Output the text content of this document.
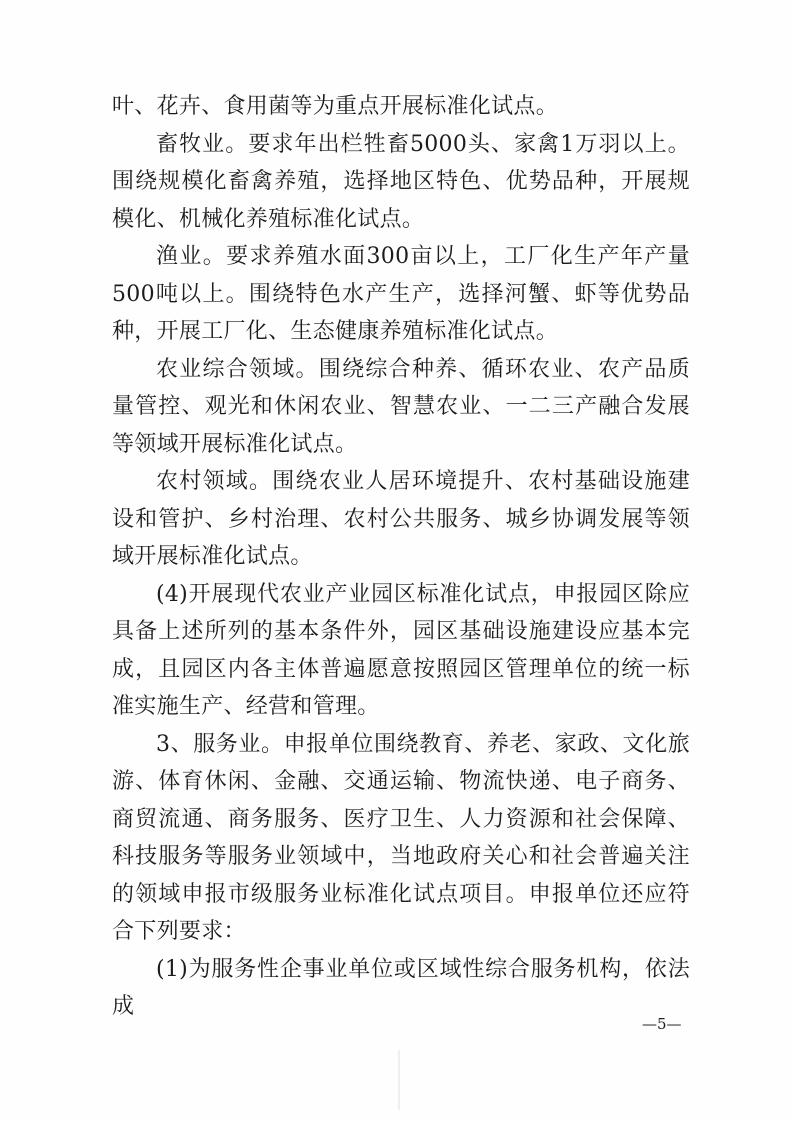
叶、花卉、食用菌等为重点开展标准化试点。

畜牧业。要求年出栏牲畜5000头、家禽1万羽以上。围绕规模化畜禽养殖，选择地区特色、优势品种，开展规模化、机械化养殖标准化试点。

渔业。要求养殖水面300亩以上，工厂化生产年产量500吨以上。围绕特色水产生产，选择河蟹、虾等优势品种，开展工厂化、生态健康养殖标准化试点。

农业综合领域。围绕综合种养、循环农业、农产品质量管控、观光和休闲农业、智慧农业、一二三产融合发展等领域开展标准化试点。

农村领域。围绕农业人居环境提升、农村基础设施建设和管护、乡村治理、农村公共服务、城乡协调发展等领域开展标准化试点。

(4)开展现代农业产业园区标准化试点，申报园区除应具备上述所列的基本条件外，园区基础设施建设应基本完成，且园区内各主体普遍愿意按照园区管理单位的统一标准实施生产、经营和管理。

3、服务业。申报单位围绕教育、养老、家政、文化旅游、体育休闲、金融、交通运输、物流快递、电子商务、商贸流通、商务服务、医疗卫生、人力资源和社会保障、科技服务等服务业领域中，当地政府关心和社会普遍关注的领域申报市级服务业标准化试点项目。申报单位还应符合下列要求：

(1)为服务性企事业单位或区域性综合服务机构，依法成

—5—
